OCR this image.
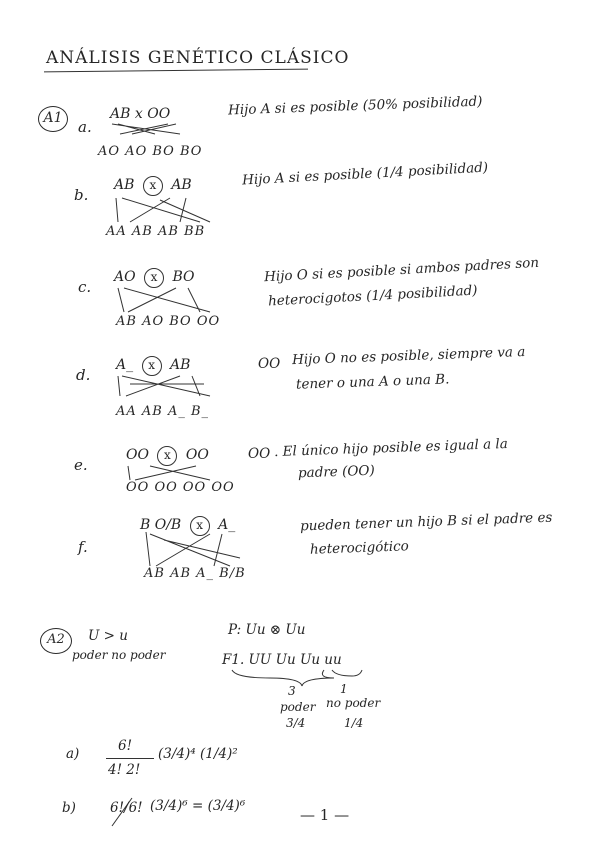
ANÁLISIS GENÉTICO CLÁSICO
A1	a.
AB x OO
AO AO BO BO
Hijo A si es posible (50% posibilidad)
b.
AB x AB
AA AB AB BB
Hijo A si es posible (1/4 posibilidad)
c.
AO x BO
AB AO BO OO
Hijo O si es posible si ambos padres son
heterocigotos (1/4 posibilidad)
d.
A_ x AB
AA AB A_ B_
OO Hijo O no es posible, siempre va a
tener o una A o una B.
e.
OO x OO
OO OO OO OO
OO . El único hijo posible es igual a la
padre (OO)
f.
B O/B x A_
AB AB A_ B/B
pueden tener un hijo B si el padre es
heterocigótico
A2	U > u
poder no poder
P: Uu ⊗ Uu
F1. UU Uu Uu uu
3	1
poder no poder
3/4	1/4
a)	6!
4! 2!
(3/4)⁴ (1/4)²
b)	6!/6! (3/4)⁶ = (3/4)⁶	— 1 —
